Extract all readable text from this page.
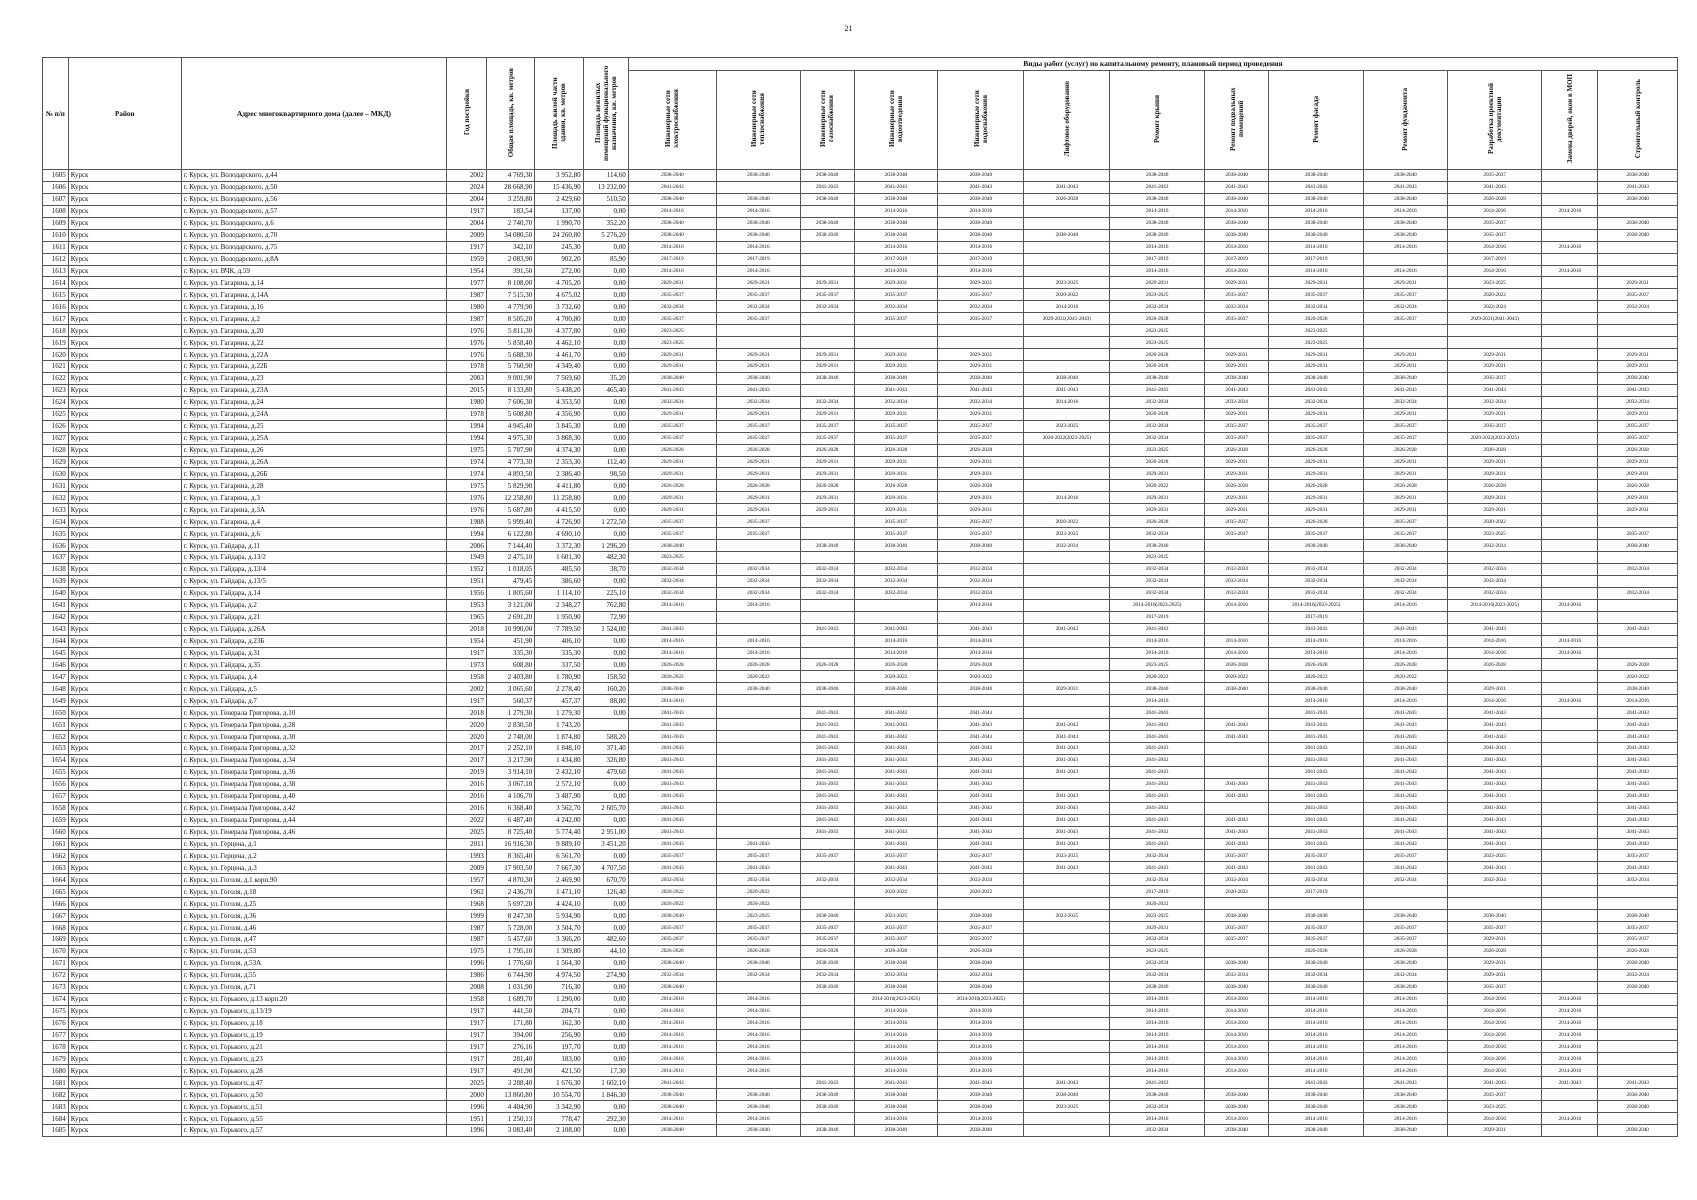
21
№ п/п	Район	Адрес многоквартирного дома (далее – МКД)	Год постройки	Общая площадь, кв. метров	Площадь жилой части здания, кв. метров	Площадь нежилых помещений функционального назначения, кв. метров	Виды работ (услуг) по капитальному ремонту, плановый период проведения												
							Инженерные сети электроснабжения	Инженерные сети теплоснабжения	Инженерные сети газоснабжения	Инженерные сети водоотведения	Инженерные сети водоснабжения	Лифтовое оборудование	Ремонт крыши	Ремонт подвальных помещений	Ремонт фасада	Ремонт фундамента	Разработка проектной документации	Замена дверей, окон в МОП	Строительный контроль
1605	Курск	г. Курск, ул. Володарского, д.44	2002	4 769,30	3 952,80	114,60	2038-2040	2038-2040	2038-2040	2038-2040	2038-2040		2038-2040	2038-2040	2038-2040	2038-2040	2035-2037		2038-2040
1606	Курск	г. Курск, ул. Володарского, д.50	2024	28 668,90	15 436,90	13 232,00	2041-2043		2041-2043	2041-2043	2041-2043	2041-2043	2041-2043	2041-2043	2041-2043	2041-2043	2041-2043		2041-2043
1607	Курск	г. Курск, ул. Володарского, д.56	2004	3 259,80	2 429,60	510,50	2038-2040	2038-2040	2038-2040	2038-2040	2038-2040	2026-2028	2038-2040	2038-2040	2038-2040	2038-2040	2026-2028		2038-2040
1608	Курск	г. Курск, ул. Володарского, д.57	1917	183,54	137,00	0,00	2014-2016	2014-2016		2014-2016	2014-2016		2014-2016	2014-2016	2014-2016	2014-2016	2014-2016	2014-2016	
1609	Курск	г. Курск, ул. Володарского, д.6	2004	2 740,70	1 990,70	352,20	2038-2040	2038-2040	2038-2040	2038-2040	2038-2040		2038-2040	2038-2040	2038-2040	2038-2040	2035-2037		2038-2040
1610	Курск	г. Курск, ул. Володарского, д.70	2009	34 080,50	24 260,80	5 276,20	2038-2040	2038-2040	2038-2040	2038-2040	2038-2040	2038-2040	2038-2040	2038-2040	2038-2040	2038-2040	2035-2037		2038-2040
1611	Курск	г. Курск, ул. Володарского, д.75	1917	342,10	245,30	0,00	2014-2016	2014-2016		2014-2016	2014-2016		2014-2016	2014-2016	2014-2016	2014-2016	2014-2016	2014-2016	
1612	Курск	г. Курск, ул. Володарского, д.8А	1959	2 083,90	902,20	85,90	2017-2019	2017-2019		2017-2019	2017-2019		2017-2019	2017-2019	2017-2019		2017-2019		
1613	Курск	г. Курск, ул. ВЧК, д.59	1954	391,50	272,00	0,00	2014-2016	2014-2016		2014-2016	2014-2016		2014-2016	2014-2016	2014-2016	2014-2016	2014-2016	2014-2016	
1614	Курск	г. Курск, ул. Гагарина, д.14	1977	8 108,00	4 705,20	0,00	2029-2031	2029-2031	2029-2031	2029-2031	2029-2031	2023-2025	2029-2031	2029-2031	2029-2031	2029-2031	2023-2025		2029-2031
1615	Курск	г. Курск, ул. Гагарина, д.14А	1987	7 515,30	4 675,02	0,00	2035-2037	2035-2037	2035-2037	2035-2037	2035-2037	2020-2022	2023-2025	2035-2037	2035-2037	2035-2037	2020-2022		2035-2037
1616	Курск	г. Курск, ул. Гагарина, д.16	1980	4 779,90	3 732,60	0,00	2032-2034	2032-2034	2032-2034	2032-2034	2032-2034	2014-2016	2032-2034	2032-2034	2032-2034	2032-2034	2022-2024		2032-2034
1617	Курск	г. Курск, ул. Гагарина, д.2	1987	8 505,20	4 700,80	0,00	2035-2037	2035-2037		2035-2037	2035-2037	2029-2031(2041-2043)	2026-2028	2035-2037	2026-2028	2035-2037	2029-2031(2041-2043)		
1618	Курск	г. Курск, ул. Гагарина, д.20	1976	5 811,30	4 377,80	0,00	2023-2025						2023-2025		2023-2025				
1619	Курск	г. Курск, ул. Гагарина, д.22	1976	5 858,40	4 462,10	0,00	2023-2025						2023-2025		2023-2025				
1620	Курск	г. Курск, ул. Гагарина, д.22А	1976	5 688,30	4 461,70	0,00	2029-2031	2029-2031	2029-2031	2029-2031	2029-2031		2026-2028	2029-2031	2029-2031	2029-2031	2029-2031		2029-2031
1621	Курск	г. Курск, ул. Гагарина, д.22Б	1978	5 760,90	4 349,40	0,00	2029-2031	2029-2031	2029-2031	2029-2031	2029-2031		2026-2028	2029-2031	2029-2031	2029-2031	2029-2031		2029-2031
1622	Курск	г. Курск, ул. Гагарина, д.23	2003	9 001,90	7 569,60	35,20	2038-2040	2038-2040	2038-2040	2038-2040	2038-2040	2038-2040	2038-2040	2038-2040	2038-2040	2038-2040	2035-2037		2038-2040
1623	Курск	г. Курск, ул. Гагарина, д.23А	2015	8 133,80	5 438,20	465,40	2041-2043	2041-2043		2041-2043	2041-2043	2041-2043	2041-2043	2041-2043	2041-2043	2041-2043	2041-2043		2041-2043
1624	Курск	г. Курск, ул. Гагарина, д.24	1980	7 606,30	4 353,50	0,00	2032-2034	2032-2034	2032-2034	2032-2034	2032-2034	2014-2016	2032-2034	2032-2034	2032-2034	2032-2034	2032-2034		2032-2034
1625	Курск	г. Курск, ул. Гагарина, д.24А	1978	5 608,80	4 356,90	0,00	2029-2031	2029-2031	2029-2031	2029-2031	2029-2031		2026-2028	2029-2031	2029-2031	2029-2031	2029-2031		2029-2031
1626	Курск	г. Курск, ул. Гагарина, д.25	1994	4 945,40	3 845,30	0,00	2035-2037	2035-2037	2035-2037	2035-2037	2035-2037	2023-2025	2032-2034	2035-2037	2035-2037	2035-2037	2035-2037		2035-2037
1627	Курск	г. Курск, ул. Гагарина, д.25А	1994	4 975,30	3 868,30	0,00	2035-2037	2035-2037	2035-2037	2035-2037	2035-2037	2020-2022(2023-2025)	2032-2034	2035-2037	2035-2037	2035-2037	2020-2022(2023-2025)		2035-2037
1628	Курск	г. Курск, ул. Гагарина, д.26	1975	5 787,90	4 374,30	0,00	2026-2028	2026-2028	2026-2028	2026-2028	2026-2028		2023-2025	2026-2028	2026-2028	2026-2028	2026-2028		2026-2028
1629	Курск	г. Курск, ул. Гагарина, д.26А	1974	4 773,30	2 353,30	112,40	2029-2031	2029-2031	2029-2031	2029-2031	2029-2031		2026-2028	2029-2031	2029-2031	2029-2031	2029-2031		2029-2031
1630	Курск	г. Курск, ул. Гагарина, д.26Б	1974	4 893,50	2 386,40	98,50	2029-2031	2029-2031	2029-2031	2029-2031	2029-2031		2029-2031	2029-2031	2029-2031	2029-2031	2029-2031		2029-2031
1631	Курск	г. Курск, ул. Гагарина, д.28	1975	5 829,90	4 411,80	0,00	2026-2028	2026-2028	2026-2028	2026-2028	2026-2028		2020-2022	2026-2028	2026-2028	2026-2028	2026-2028		2026-2028
1632	Курск	г. Курск, ул. Гагарина, д.3	1976	12 258,80	11 258,80	0,00	2029-2031	2029-2031	2029-2031	2029-2031	2029-2031	2014-2016	2029-2031	2029-2031	2029-2031	2029-2031	2029-2031		2029-2031
1633	Курск	г. Курск, ул. Гагарина, д.3А	1976	5 687,80	4 415,50	0,00	2029-2031	2029-2031	2029-2031	2029-2031	2029-2031		2029-2031	2029-2031	2029-2031	2029-2031	2029-2031		2029-2031
1634	Курск	г. Курск, ул. Гагарина, д.4	1988	5 999,40	4 726,90	1 272,50	2035-2037	2035-2037		2035-2037	2035-2037	2020-2022	2026-2028	2035-2037	2026-2028	2035-2037	2020-2022		
1635	Курск	г. Курск, ул. Гагарина, д.6	1994	6 122,80	4 690,10	0,00	2035-2037	2035-2037		2035-2037	2035-2037	2023-2025	2032-2034	2035-2037	2035-2037	2035-2037	2023-2025		2035-2037
1636	Курск	г. Курск, ул. Гайдара, д.11	2006	7 144,40	3 372,30	1 296,20	2038-2040		2038-2040	2038-2040	2038-2040	2032-2034	2038-2040		2038-2040	2038-2040	2032-2034		2038-2040
1637	Курск	г. Курск, ул. Гайдара, д.13/2	1949	2 475,10	1 601,30	482,30	2023-2025						2023-2025						
1638	Курск	г. Курск, ул. Гайдара, д.13/4	1952	1 018,05	485,50	38,70	2032-2034	2032-2034	2032-2034	2032-2034	2032-2034		2032-2034	2032-2034	2032-2034	2032-2034	2032-2034		2032-2034
1639	Курск	г. Курск, ул. Гайдара, д.13/5	1951	479,45	386,60	0,00	2032-2034	2032-2034	2032-2034	2032-2034	2032-2034		2032-2034	2032-2034	2032-2034	2032-2034	2032-2034		
1640	Курск	г. Курск, ул. Гайдара, д.14	1956	1 805,60	1 114,10	225,10	2032-2034	2032-2034	2032-2034	2032-2034	2032-2034		2032-2034	2032-2034	2032-2034	2032-2034	2032-2034		2032-2034
1641	Курск	г. Курск, ул. Гайдара, д.2	1953	3 121,00	2 348,27	762,80	2014-2016	2014-2016			2014-2016		2014-2016(2023-2025)	2014-2016	2014-2016(2023-2025)	2014-2016	2014-2016(2023-2025)	2014-2016	
1642	Курск	г. Курск, ул. Гайдара, д.21	1965	2 691,20	1 950,90	72,90							2017-2019		2017-2019				
1643	Курск	г. Курск, ул. Гайдара, д.26А	2018	10 990,00	7 789,50	1 524,00	2041-2043		2041-2043	2041-2043	2041-2043	2041-2043	2041-2043		2041-2043	2041-2043	2041-2043		2041-2043
1644	Курск	г. Курск, ул. Гайдара, д.23Б	1954	451,90	406,10	0,00	2014-2016	2014-2016		2014-2016	2014-2016		2014-2016	2014-2016	2014-2016	2014-2016	2014-2016	2014-2016	
1645	Курск	г. Курск, ул. Гайдара, д.31	1917	335,30	335,30	0,00	2014-2016	2014-2016		2014-2016	2014-2016		2014-2016	2014-2016	2014-2016	2014-2016	2014-2016	2014-2016	
1646	Курск	г. Курск, ул. Гайдара, д.35	1973	608,80	337,50	0,00	2026-2028	2026-2028	2026-2028	2026-2028	2026-2028		2023-2025	2026-2028	2026-2028	2026-2028	2026-2028		2026-2028
1647	Курск	г. Курск, ул. Гайдара, д.4	1958	2 403,80	1 780,90	158,50	2020-2022	2020-2022		2020-2022	2020-2022		2020-2022	2020-2022	2020-2022	2020-2022			2020-2022
1648	Курск	г. Курск, ул. Гайдара, д.5	2002	3 065,60	2 278,40	160,20	2038-2040	2038-2040	2038-2040	2038-2040	2038-2040	2029-2031	2038-2040	2038-2040	2038-2040	2038-2040	2029-2031		2038-2040
1649	Курск	г. Курск, ул. Гайдара, д.7	1917	560,37	457,37	88,80	2014-2016						2014-2016		2014-2016	2014-2016	2014-2016	2014-2016	2014-2016
1650	Курск	г. Курск, ул. Генерала Григорова, д.10	2018	1 279,30	1 279,30	0,00	2041-2043		2041-2043	2041-2043	2041-2043		2041-2043		2041-2043	2041-2043	2041-2043		2041-2043
1651	Курск	г. Курск, ул. Генерала Григорова, д.28	2020	2 830,50	1 743,20		2041-2043		2041-2043	2041-2043	2041-2043	2041-2043	2041-2043	2041-2043	2041-2043	2041-2043	2041-2043		2041-2043
1652	Курск	г. Курск, ул. Генерала Григорова, д.30	2020	2 748,00	1 874,80	588,20	2041-2043		2041-2043	2041-2043	2041-2043	2041-2043	2041-2043	2041-2043	2041-2043	2041-2043	2041-2043		2041-2043
1653	Курск	г. Курск, ул. Генерала Григорова, д.32	2017	2 252,10	1 848,10	371,40	2041-2043		2041-2043	2041-2043	2041-2043	2041-2043	2041-2043		2041-2043	2041-2043	2041-2043		2041-2043
1654	Курск	г. Курск, ул. Генерала Григорова, д.34	2017	3 217,90	1 434,80	326,80	2041-2043		2041-2043	2041-2043	2041-2043	2041-2043	2041-2043		2041-2043	2041-2043	2041-2043		2041-2043
1655	Курск	г. Курск, ул. Генерала Григорова, д.36	2019	3 914,10	2 432,10	479,60	2041-2043		2041-2043	2041-2043	2041-2043	2041-2043	2041-2043		2041-2043	2041-2043	2041-2043		2041-2043
1656	Курск	г. Курск, ул. Генерала Григорова, д.38	2016	3 067,10	2 572,10	0,00	2041-2043		2041-2043	2041-2043	2041-2043		2041-2043	2041-2043	2041-2043	2041-2043	2041-2043		2041-2043
1657	Курск	г. Курск, ул. Генерала Григорова, д.40	2016	4 106,70	3 487,90	0,00	2041-2043		2041-2043	2041-2043	2041-2043	2041-2043	2041-2043	2041-2043	2041-2043	2041-2043	2041-2043		2041-2043
1658	Курск	г. Курск, ул. Генерала Григорова, д.42	2016	6 368,40	3 562,70	2 605,70	2041-2043		2041-2043	2041-2043	2041-2043	2041-2043	2041-2043		2041-2043	2041-2043	2041-2043		2041-2043
1659	Курск	г. Курск, ул. Генерала Григорова, д.44	2022	6 487,40	4 242,00	0,00	2041-2043		2041-2043	2041-2043	2041-2043	2041-2043	2041-2043	2041-2043	2041-2043	2041-2043	2041-2043		2041-2043
1660	Курск	г. Курск, ул. Генерала Григорова, д.46	2025	8 725,40	5 774,40	2 951,00	2041-2043		2041-2043	2041-2043	2041-2043	2041-2043	2041-2043	2041-2043	2041-2043	2041-2043	2041-2043		2041-2043
1661	Курск	г. Курск, ул. Герцена, д.1	2011	16 916,30	9 889,10	3 451,20	2041-2043	2041-2043		2041-2043	2041-2043	2041-2043	2041-2043	2041-2043	2041-2043	2041-2043	2041-2043		2041-2043
1662	Курск	г. Курск, ул. Герцена, д.2	1993	8 365,40	6 561,70	0,00	2035-2037	2035-2037	2035-2037	2035-2037	2035-2037	2023-2025	2032-2034	2035-2037	2035-2037	2035-2037	2023-2025		2035-2037
1663	Курск	г. Курск, ул. Герцена, д.3	2009	17 903,50	7 667,30	4 707,50	2041-2043	2041-2043		2041-2043	2041-2043	2041-2043	2041-2043	2041-2043	2041-2043	2041-2043	2041-2043		2041-2043
1664	Курск	г. Курск, ул. Гоголя, д.1 корп.90	1957	4 870,30	2 469,90	670,70	2032-2034	2032-2034	2032-2034	2032-2034	2032-2034		2032-2034	2032-2034	2032-2034	2032-2034	2032-2034		2032-2034
1665	Курск	г. Курск, ул. Гоголя, д.18	1962	2 436,70	1 471,10	126,40	2020-2022	2020-2022		2020-2022	2020-2022		2017-2019	2020-2022	2017-2019				
1666	Курск	г. Курск, ул. Гоголя, д.25	1968	5 697,20	4 424,10	0,00	2020-2022	2020-2022					2020-2022						
1667	Курск	г. Курск, ул. Гоголя, д.36	1999	8 247,30	5 934,90	0,00	2038-2040	2023-2025	2038-2040	2023-2025	2038-2040	2023-2025	2023-2025	2038-2040	2038-2040	2038-2040	2038-2040		2038-2040
1668	Курск	г. Курск, ул. Гоголя, д.46	1987	5 728,00	3 504,70	0,00	2035-2037	2035-2037	2035-2037	2035-2037	2035-2037		2029-2031	2035-2037	2035-2037	2035-2037	2035-2037		2035-2037
1669	Курск	г. Курск, ул. Гоголя, д.47	1987	5 457,60	3 366,20	482,60	2035-2037	2035-2037	2035-2037	2035-2037	2035-2037		2032-2034	2035-2037	2035-2037	2035-2037	2029-2031		2035-2037
1670	Курск	г. Курск, ул. Гоголя, д.53	1975	1 795,10	1 309,80	44,10	2026-2028	2026-2028	2026-2028	2026-2028	2026-2028		2023-2025		2026-2028	2026-2028	2026-2028		2026-2028
1671	Курск	г. Курск, ул. Гоголя, д.53А	1996	1 776,60	1 564,30	0,00	2038-2040	2038-2040	2038-2040	2038-2040	2038-2040		2032-2034	2038-2040	2038-2040	2038-2040	2029-2031		2038-2040
1672	Курск	г. Курск, ул. Гоголя, д.55	1986	6 744,90	4 974,50	274,90	2032-2034	2032-2034	2032-2034	2032-2034	2032-2034		2032-2034	2032-2034	2032-2034	2032-2034	2029-2031		2032-2034
1673	Курск	г. Курск, ул. Гоголя, д.71	2008	1 031,90	716,30	0,00	2038-2040		2038-2040	2038-2040	2038-2040		2038-2040	2038-2040	2038-2040	2038-2040	2035-2037		2038-2040
1674	Курск	г. Курск, ул. Горького, д.13 корп.20	1958	1 689,70	1 290,00	0,00	2014-2016	2014-2016		2014-2016(2023-2025)	2014-2016(2023-2025)		2014-2016	2014-2016	2014-2016	2014-2016	2014-2016	2014-2016	
1675	Курск	г. Курск, ул. Горького, д.13/19	1917	441,50	204,71	0,00	2014-2016	2014-2016		2014-2016	2014-2016		2014-2016	2014-2016	2014-2016	2014-2016	2014-2016	2014-2016	
1676	Курск	г. Курск, ул. Горького, д.18	1917	171,80	162,30	0,00	2014-2016	2014-2016		2014-2016	2014-2016		2014-2016	2014-2016	2014-2016	2014-2016	2014-2016	2014-2016	
1677	Курск	г. Курск, ул. Горького, д.19	1917	394,00	256,90	0,00	2014-2016	2014-2016		2014-2016	2014-2016		2014-2016	2014-2016	2014-2016	2014-2016	2014-2016	2014-2016	
1678	Курск	г. Курск, ул. Горького, д.21	1917	276,16	197,70	0,00	2014-2016	2014-2016		2014-2016	2014-2016		2014-2016	2014-2016	2014-2016	2014-2016	2014-2016	2014-2016	
1679	Курск	г. Курск, ул. Горького, д.23	1917	281,40	183,00	0,00	2014-2016	2014-2016		2014-2016	2014-2016		2014-2016	2014-2016	2014-2016	2014-2016	2014-2016	2014-2016	
1680	Курск	г. Курск, ул. Горького, д.28	1917	491,90	421,50	17,30	2014-2016	2014-2016		2014-2016	2014-2016		2014-2016	2014-2016	2014-2016	2014-2016	2014-2016	2014-2016	
1681	Курск	г. Курск, ул. Горького, д.47	2025	3 288,40	1 676,30	1 602,10	2041-2043		2041-2043	2041-2043	2041-2043	2041-2043	2041-2043		2041-2043	2041-2043	2041-2043	2041-2043	2041-2043
1682	Курск	г. Курск, ул. Горького, д.50	2000	13 860,80	10 554,70	1 846,30	2038-2040	2038-2040	2038-2040	2038-2040	2038-2040	2038-2040	2038-2040	2038-2040	2038-2040	2038-2040	2035-2037		2038-2040
1683	Курск	г. Курск, ул. Горького, д.51	1996	4 404,90	3 342,90	0,00	2038-2040	2038-2040	2038-2040	2038-2040	2038-2040	2023-2025	2032-2034	2038-2040	2038-2040	2038-2040	2023-2025		2038-2040
1684	Курск	г. Курск, ул. Горького, д.55	1951	1 250,13	778,47	292,30	2014-2016	2014-2016		2014-2016	2014-2016		2014-2016	2014-2016	2014-2016	2014-2016	2014-2016	2014-2016	
1685	Курск	г. Курск, ул. Горького, д.57	1996	3 083,40	2 108,00	0,00	2038-2040	2038-2040	2038-2040	2038-2040	2038-2040		2032-2034	2038-2040	2038-2040	2038-2040	2029-2031		2038-2040
